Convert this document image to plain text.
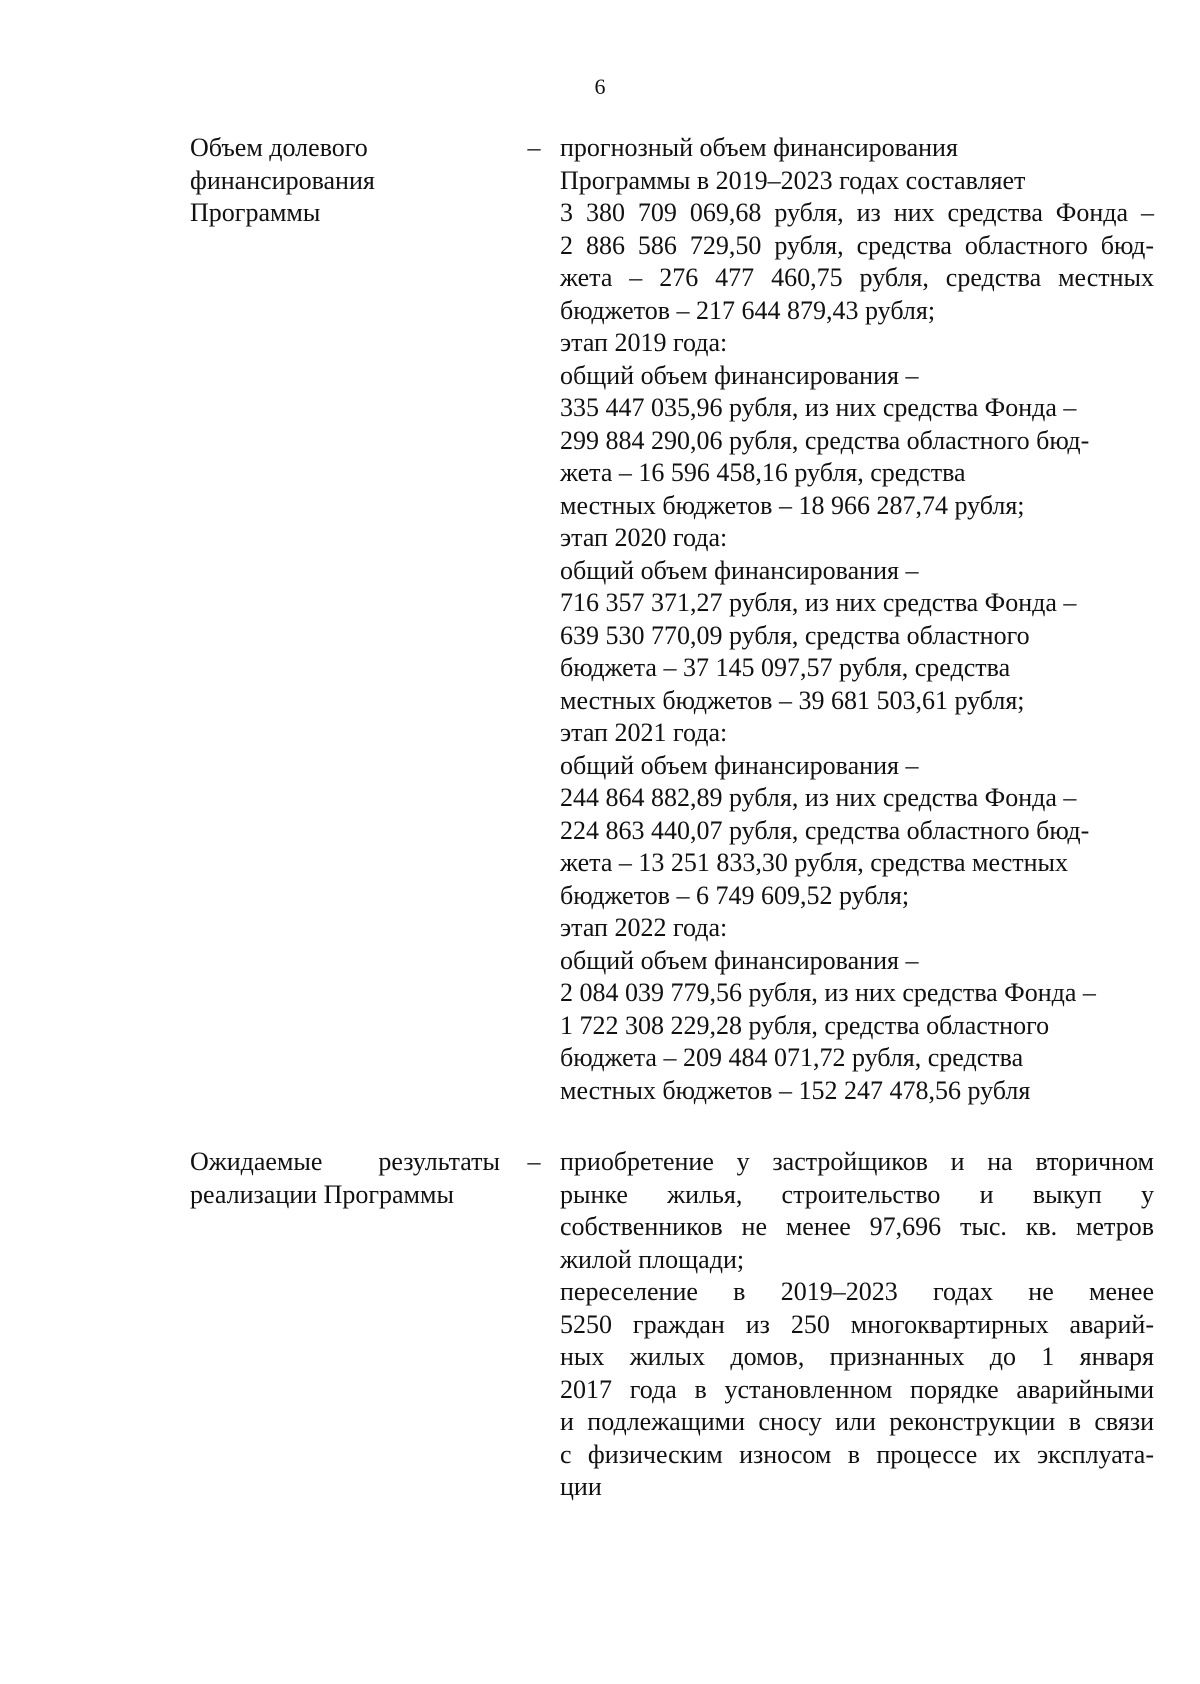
6
Объем долевого
финансирования
Программы
– прогнозный объем финансирования
Программы в 2019–2023 годах составляет
3 380 709 069,68 рубля, из них средства Фонда –
2 886 586 729,50 рубля, средства областного бюд-
жета – 276 477 460,75 рубля, средства местных
бюджетов – 217 644 879,43 рубля;
этап 2019 года:
общий объем финансирования –
335 447 035,96 рубля, из них средства Фонда –
299 884 290,06 рубля, средства областного бюд-
жета – 16 596 458,16 рубля, средства
местных бюджетов – 18 966 287,74 рубля;
этап 2020 года:
общий объем финансирования –
716 357 371,27 рубля, из них средства Фонда –
639 530 770,09 рубля, средства областного
бюджета – 37 145 097,57 рубля, средства
местных бюджетов – 39 681 503,61 рубля;
этап 2021 года:
общий объем финансирования –
244 864 882,89 рубля, из них средства Фонда –
224 863 440,07 рубля, средства областного бюд-
жета – 13 251 833,30 рубля, средства местных
бюджетов – 6 749 609,52 рубля;
этап 2022 года:
общий объем финансирования –
2 084 039 779,56 рубля, из них средства Фонда –
1 722 308 229,28 рубля, средства областного
бюджета – 209 484 071,72 рубля, средства
местных бюджетов – 152 247 478,56 рубля
Ожидаемые результаты
реализации Программы
– приобретение у застройщиков и на вторичном
рынке жилья, строительство и выкуп у
собственников не менее 97,696 тыс. кв. метров
жилой площади;
переселение в 2019–2023 годах не менее
5250 граждан из 250 многоквартирных аварий-
ных жилых домов, признанных до 1 января
2017 года в установленном порядке аварийными
и подлежащими сносу или реконструкции в связи
с физическим износом в процессе их эксплуата-
ции
